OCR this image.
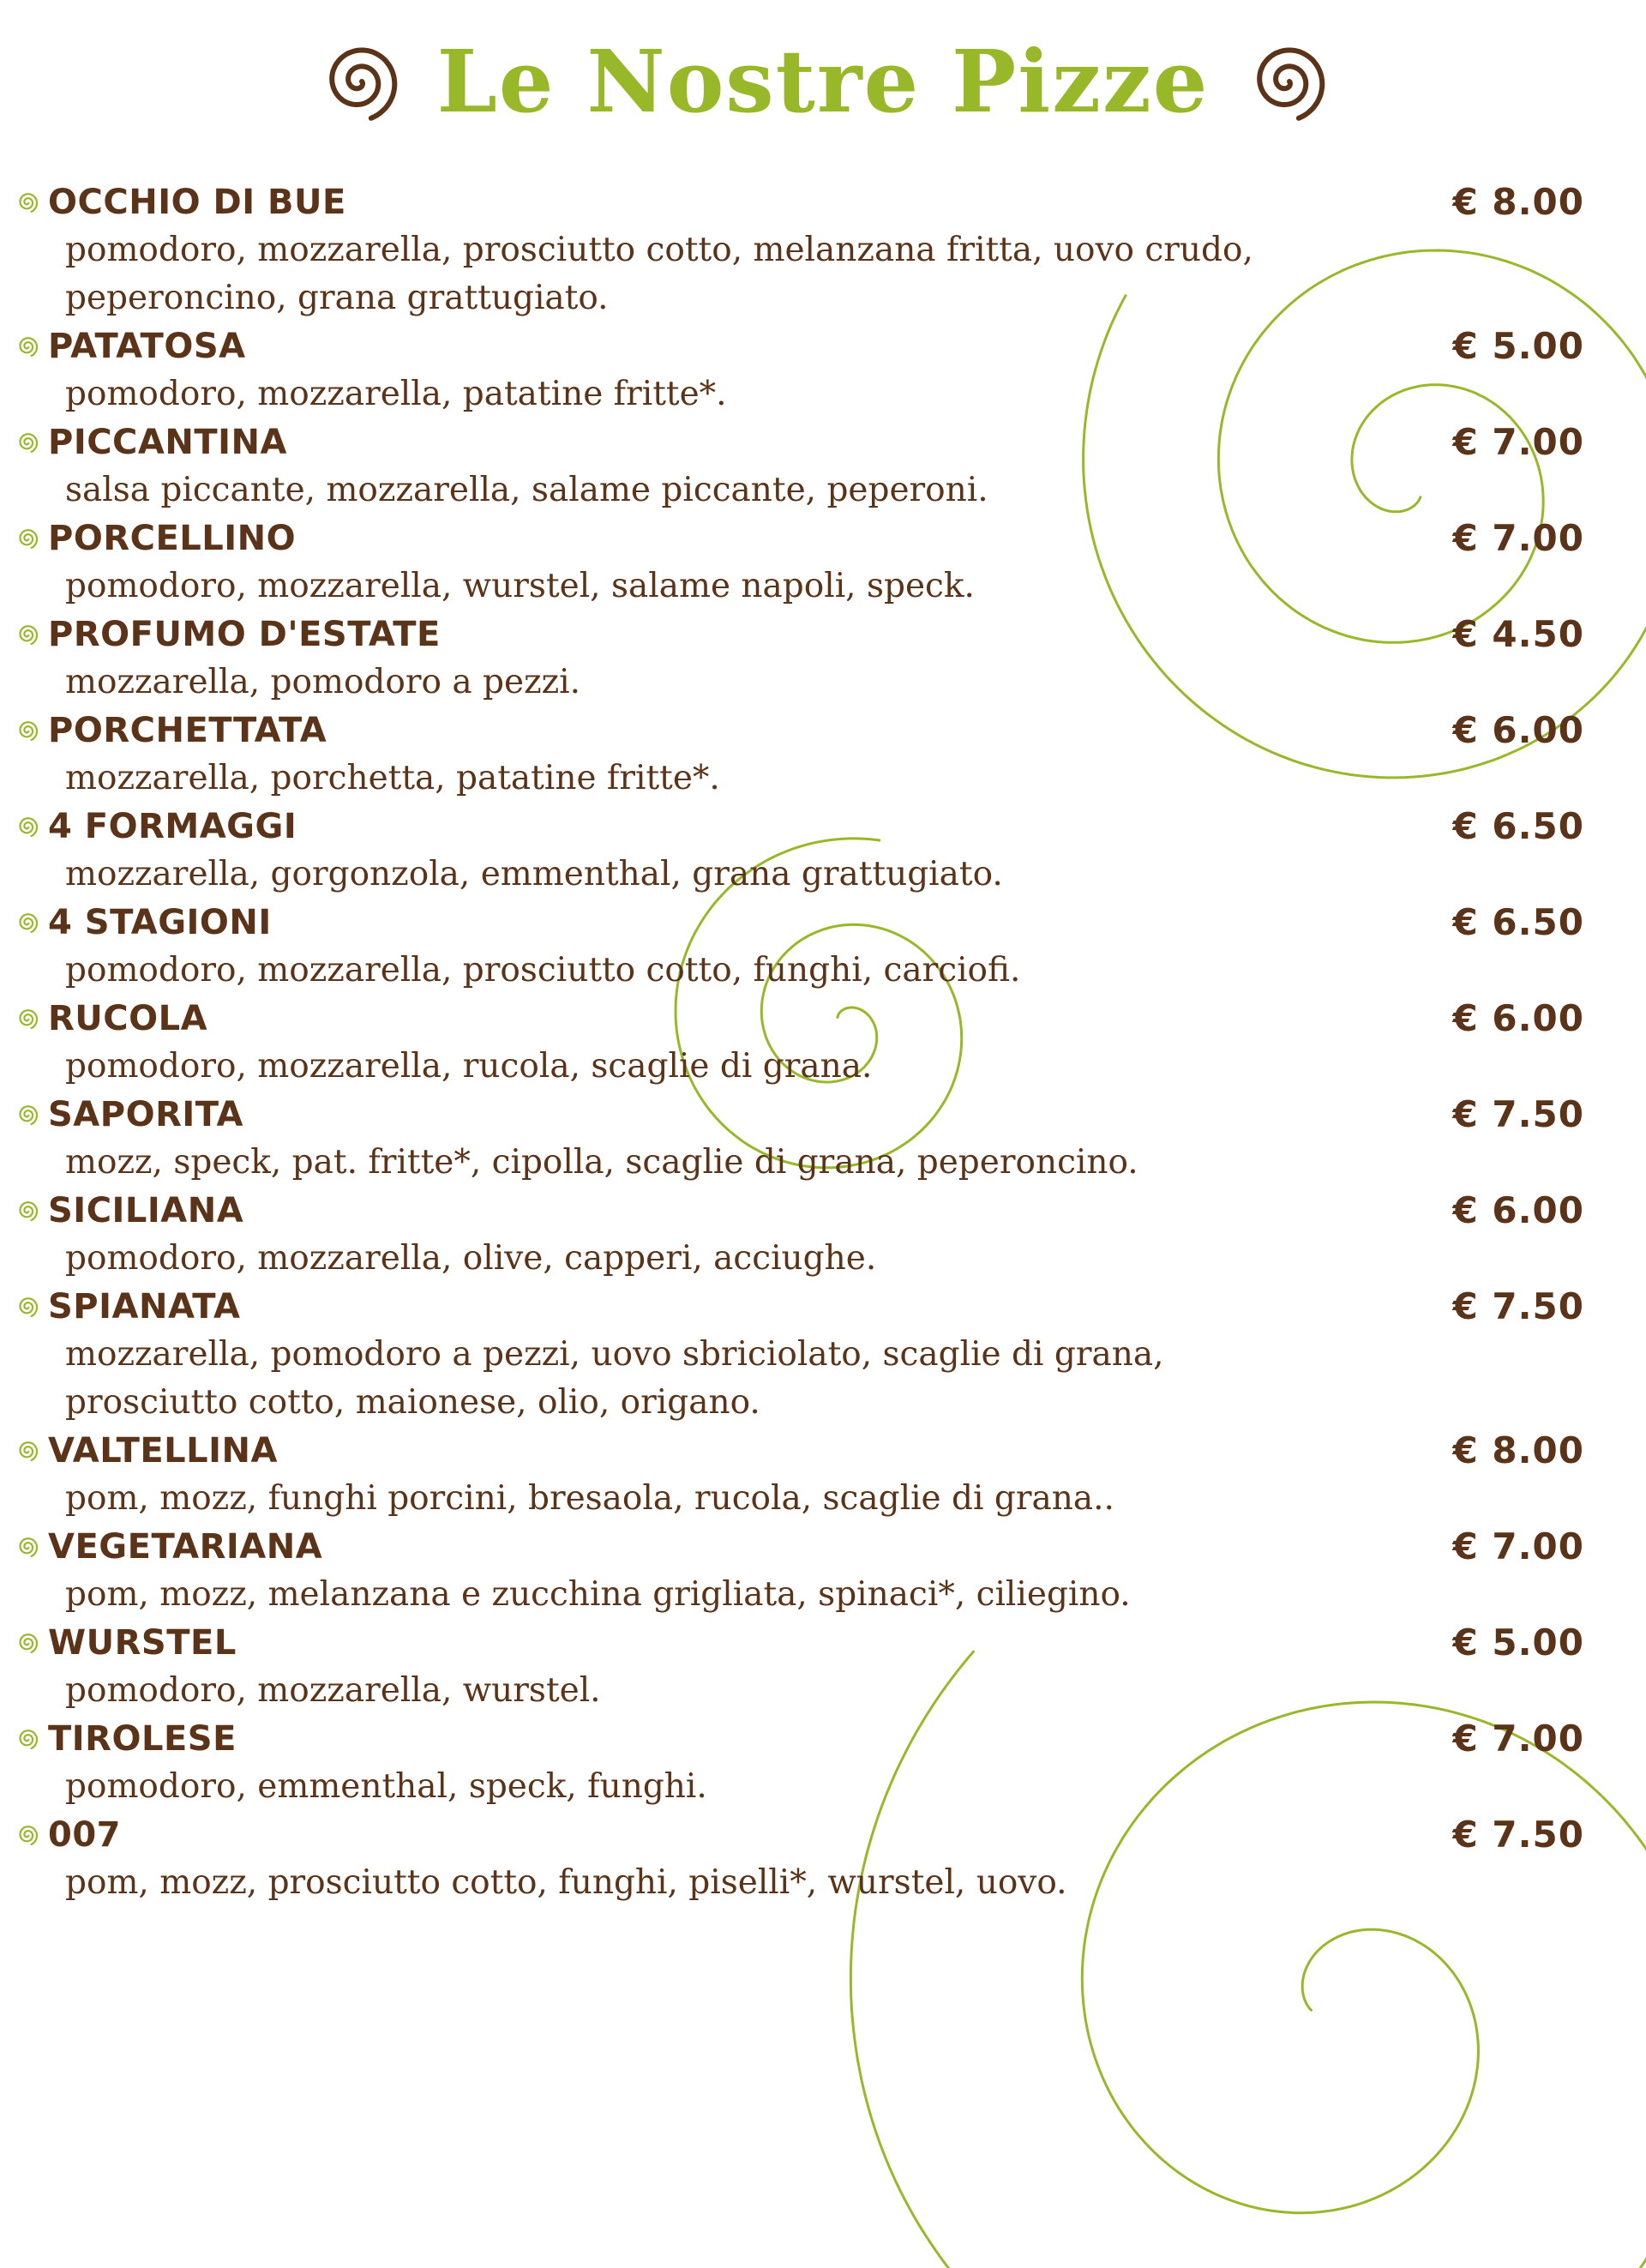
Le Nostre Pizze
OCCHIO DI BUE	€ 8.00
pomodoro, mozzarella, prosciutto cotto, melanzana fritta, uovo crudo,
peperoncino, grana grattugiato.
PATATOSA	€ 5.00
pomodoro, mozzarella, patatine fritte*.
PICCANTINA	€ 7.00
salsa piccante, mozzarella, salame piccante, peperoni.
PORCELLINO	€ 7.00
pomodoro, mozzarella, wurstel, salame napoli, speck.
PROFUMO D'ESTATE	€ 4.50
mozzarella, pomodoro a pezzi.
PORCHETTATA	€ 6.00
mozzarella, porchetta, patatine fritte*.
4 FORMAGGI	€ 6.50
mozzarella, gorgonzola, emmenthal, grana grattugiato.
4 STAGIONI	€ 6.50
pomodoro, mozzarella, prosciutto cotto, funghi, carciofi.
RUCOLA	€ 6.00
pomodoro, mozzarella, rucola, scaglie di grana.
SAPORITA	€ 7.50
mozz, speck, pat. fritte*, cipolla, scaglie di grana, peperoncino.
SICILIANA	€ 6.00
pomodoro, mozzarella, olive, capperi, acciughe.
SPIANATA	€ 7.50
mozzarella, pomodoro a pezzi, uovo sbriciolato, scaglie di grana,
prosciutto cotto, maionese, olio, origano.
VALTELLINA	€ 8.00
pom, mozz, funghi porcini, bresaola, rucola, scaglie di grana..
VEGETARIANA	€ 7.00
pom, mozz, melanzana e zucchina grigliata, spinaci*, ciliegino.
WURSTEL	€ 5.00
pomodoro, mozzarella, wurstel.
TIROLESE	€ 7.00
pomodoro, emmenthal, speck, funghi.
007	€ 7.50
pom, mozz, prosciutto cotto, funghi, piselli*, wurstel, uovo.
